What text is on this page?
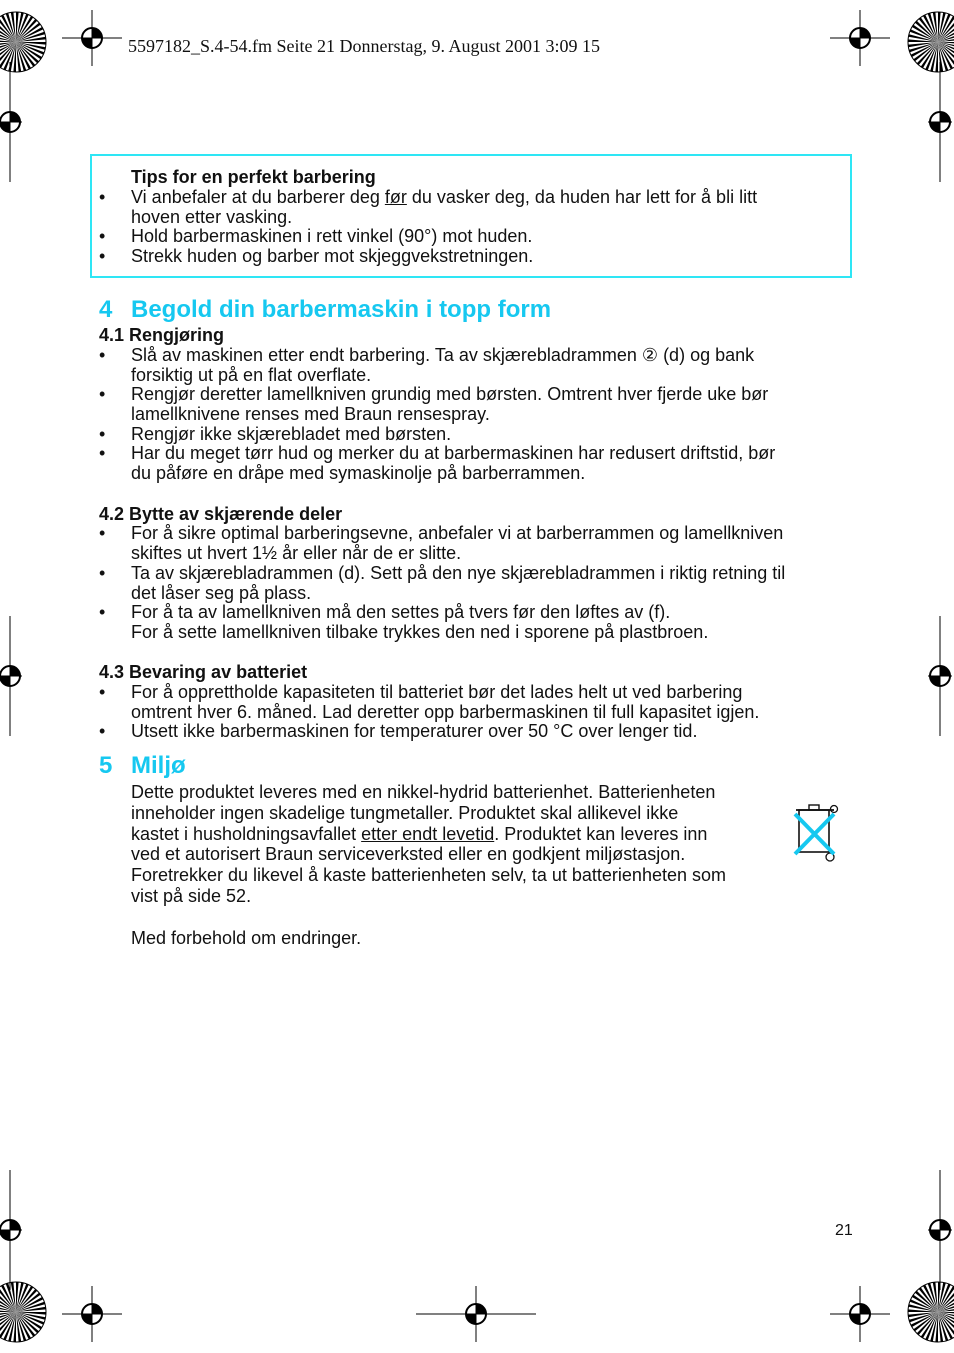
5597182_S.4-54.fm Seite 21 Donnerstag, 9. August 2001 3:09 15
Tips for en perfekt barbering
• Vi anbefaler at du barberer deg før du vasker deg, da huden har lett for å bli litt
hoven etter vasking.
• Hold barbermaskinen i rett vinkel (90°) mot huden.
• Strekk huden og barber mot skjeggvekstretningen.
4 Begold din barbermaskin i topp form
4.1 Rengjøring
• Slå av maskinen etter endt barbering. Ta av skjærebladrammen ② (d) og bank
forsiktig ut på en flat overflate.
• Rengjør deretter lamellkniven grundig med børsten. Omtrent hver fjerde uke bør
lamellknivene renses med Braun rensespray.
• Rengjør ikke skjærebladet med børsten.
• Har du meget tørr hud og merker du at barbermaskinen har redusert driftstid, bør
du påføre en dråpe med symaskinolje på barberrammen.
4.2 Bytte av skjærende deler
• For å sikre optimal barberingsevne, anbefaler vi at barberrammen og lamellkniven
skiftes ut hvert 1½ år eller når de er slitte.
• Ta av skjærebladrammen (d). Sett på den nye skjærebladrammen i riktig retning til
det låser seg på plass.
• For å ta av lamellkniven må den settes på tvers før den løftes av (f).
For å sette lamellkniven tilbake trykkes den ned i sporene på plastbroen.
4.3 Bevaring av batteriet
• For å opprettholde kapasiteten til batteriet bør det lades helt ut ved barbering
omtrent hver 6. måned. Lad deretter opp barbermaskinen til full kapasitet igjen.
• Utsett ikke barbermaskinen for temperaturer over 50 °C over lenger tid.
5 Miljø
Dette produktet leveres med en nikkel-hydrid batterienhet. Batterienheten
inneholder ingen skadelige tungmetaller. Produktet skal allikevel ikke
kastet i husholdningsavfallet etter endt levetid. Produktet kan leveres inn
ved et autorisert Braun serviceverksted eller en godkjent miljøstasjon.
Foretrekker du likevel å kaste batterienheten selv, ta ut batterienheten som
vist på side 52.
Med forbehold om endringer.
21
